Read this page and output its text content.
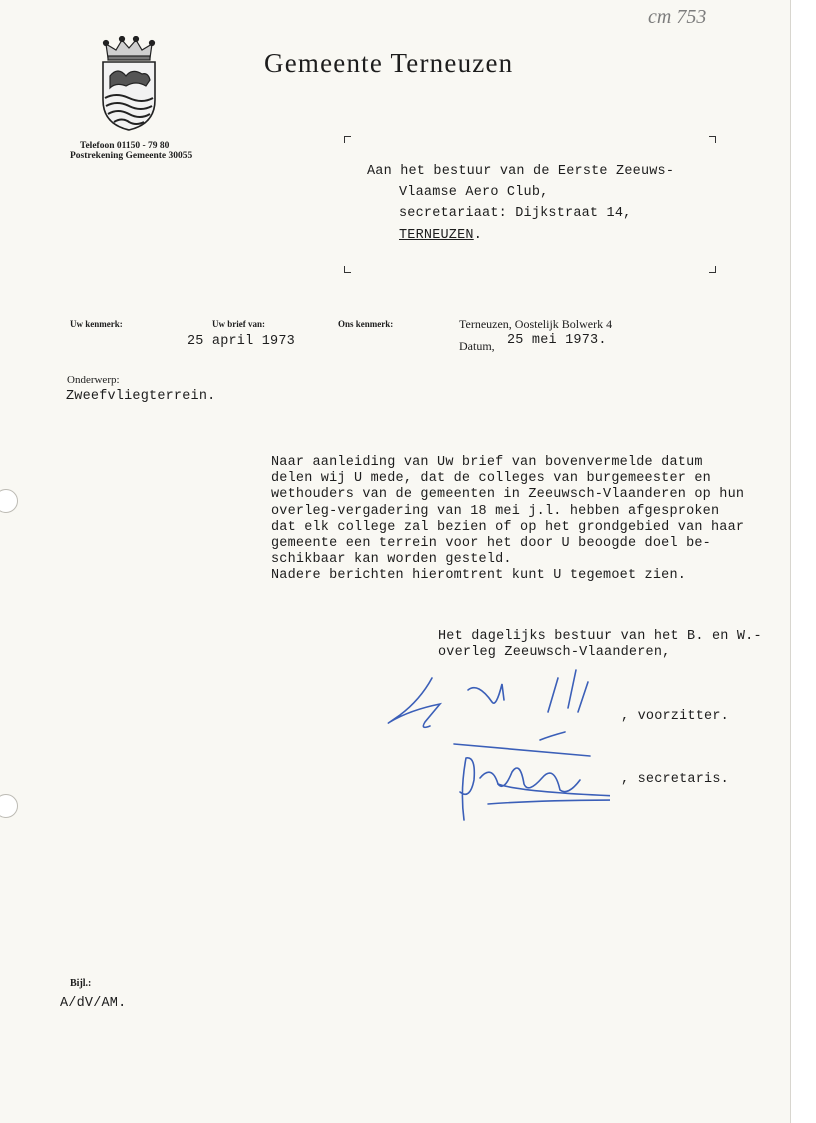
cm 753
Gemeente Terneuzen
Telefoon 01150 - 79 80
Postrekening Gemeente 30055
Aan het bestuur van de Eerste Zeeuws-
Vlaamse Aero Club,
secretariaat: Dijkstraat 14,
TERNEUZEN.
Uw kenmerk:	Uw brief van:
25 april 1973
Ons kenmerk:	Terneuzen, Oostelijk Bolwerk 4
Datum, 25 mei 1973.
Onderwerp:
Zweefvliegterrein.
Naar aanleiding van Uw brief van bovenvermelde datum
delen wij U mede, dat de colleges van burgemeester en
wethouders van de gemeenten in Zeeuwsch-Vlaanderen op hun
overleg-vergadering van 18 mei j.l. hebben afgesproken
dat elk college zal bezien of op het grondgebied van haar
gemeente een terrein voor het door U beoogde doel be-
schikbaar kan worden gesteld.
Nadere berichten hieromtrent kunt U tegemoet zien.
Het dagelijks bestuur van het B. en W.-
overleg Zeeuwsch-Vlaanderen,
, voorzitter.
, secretaris.
Bijl.:
A/dV/AM.
